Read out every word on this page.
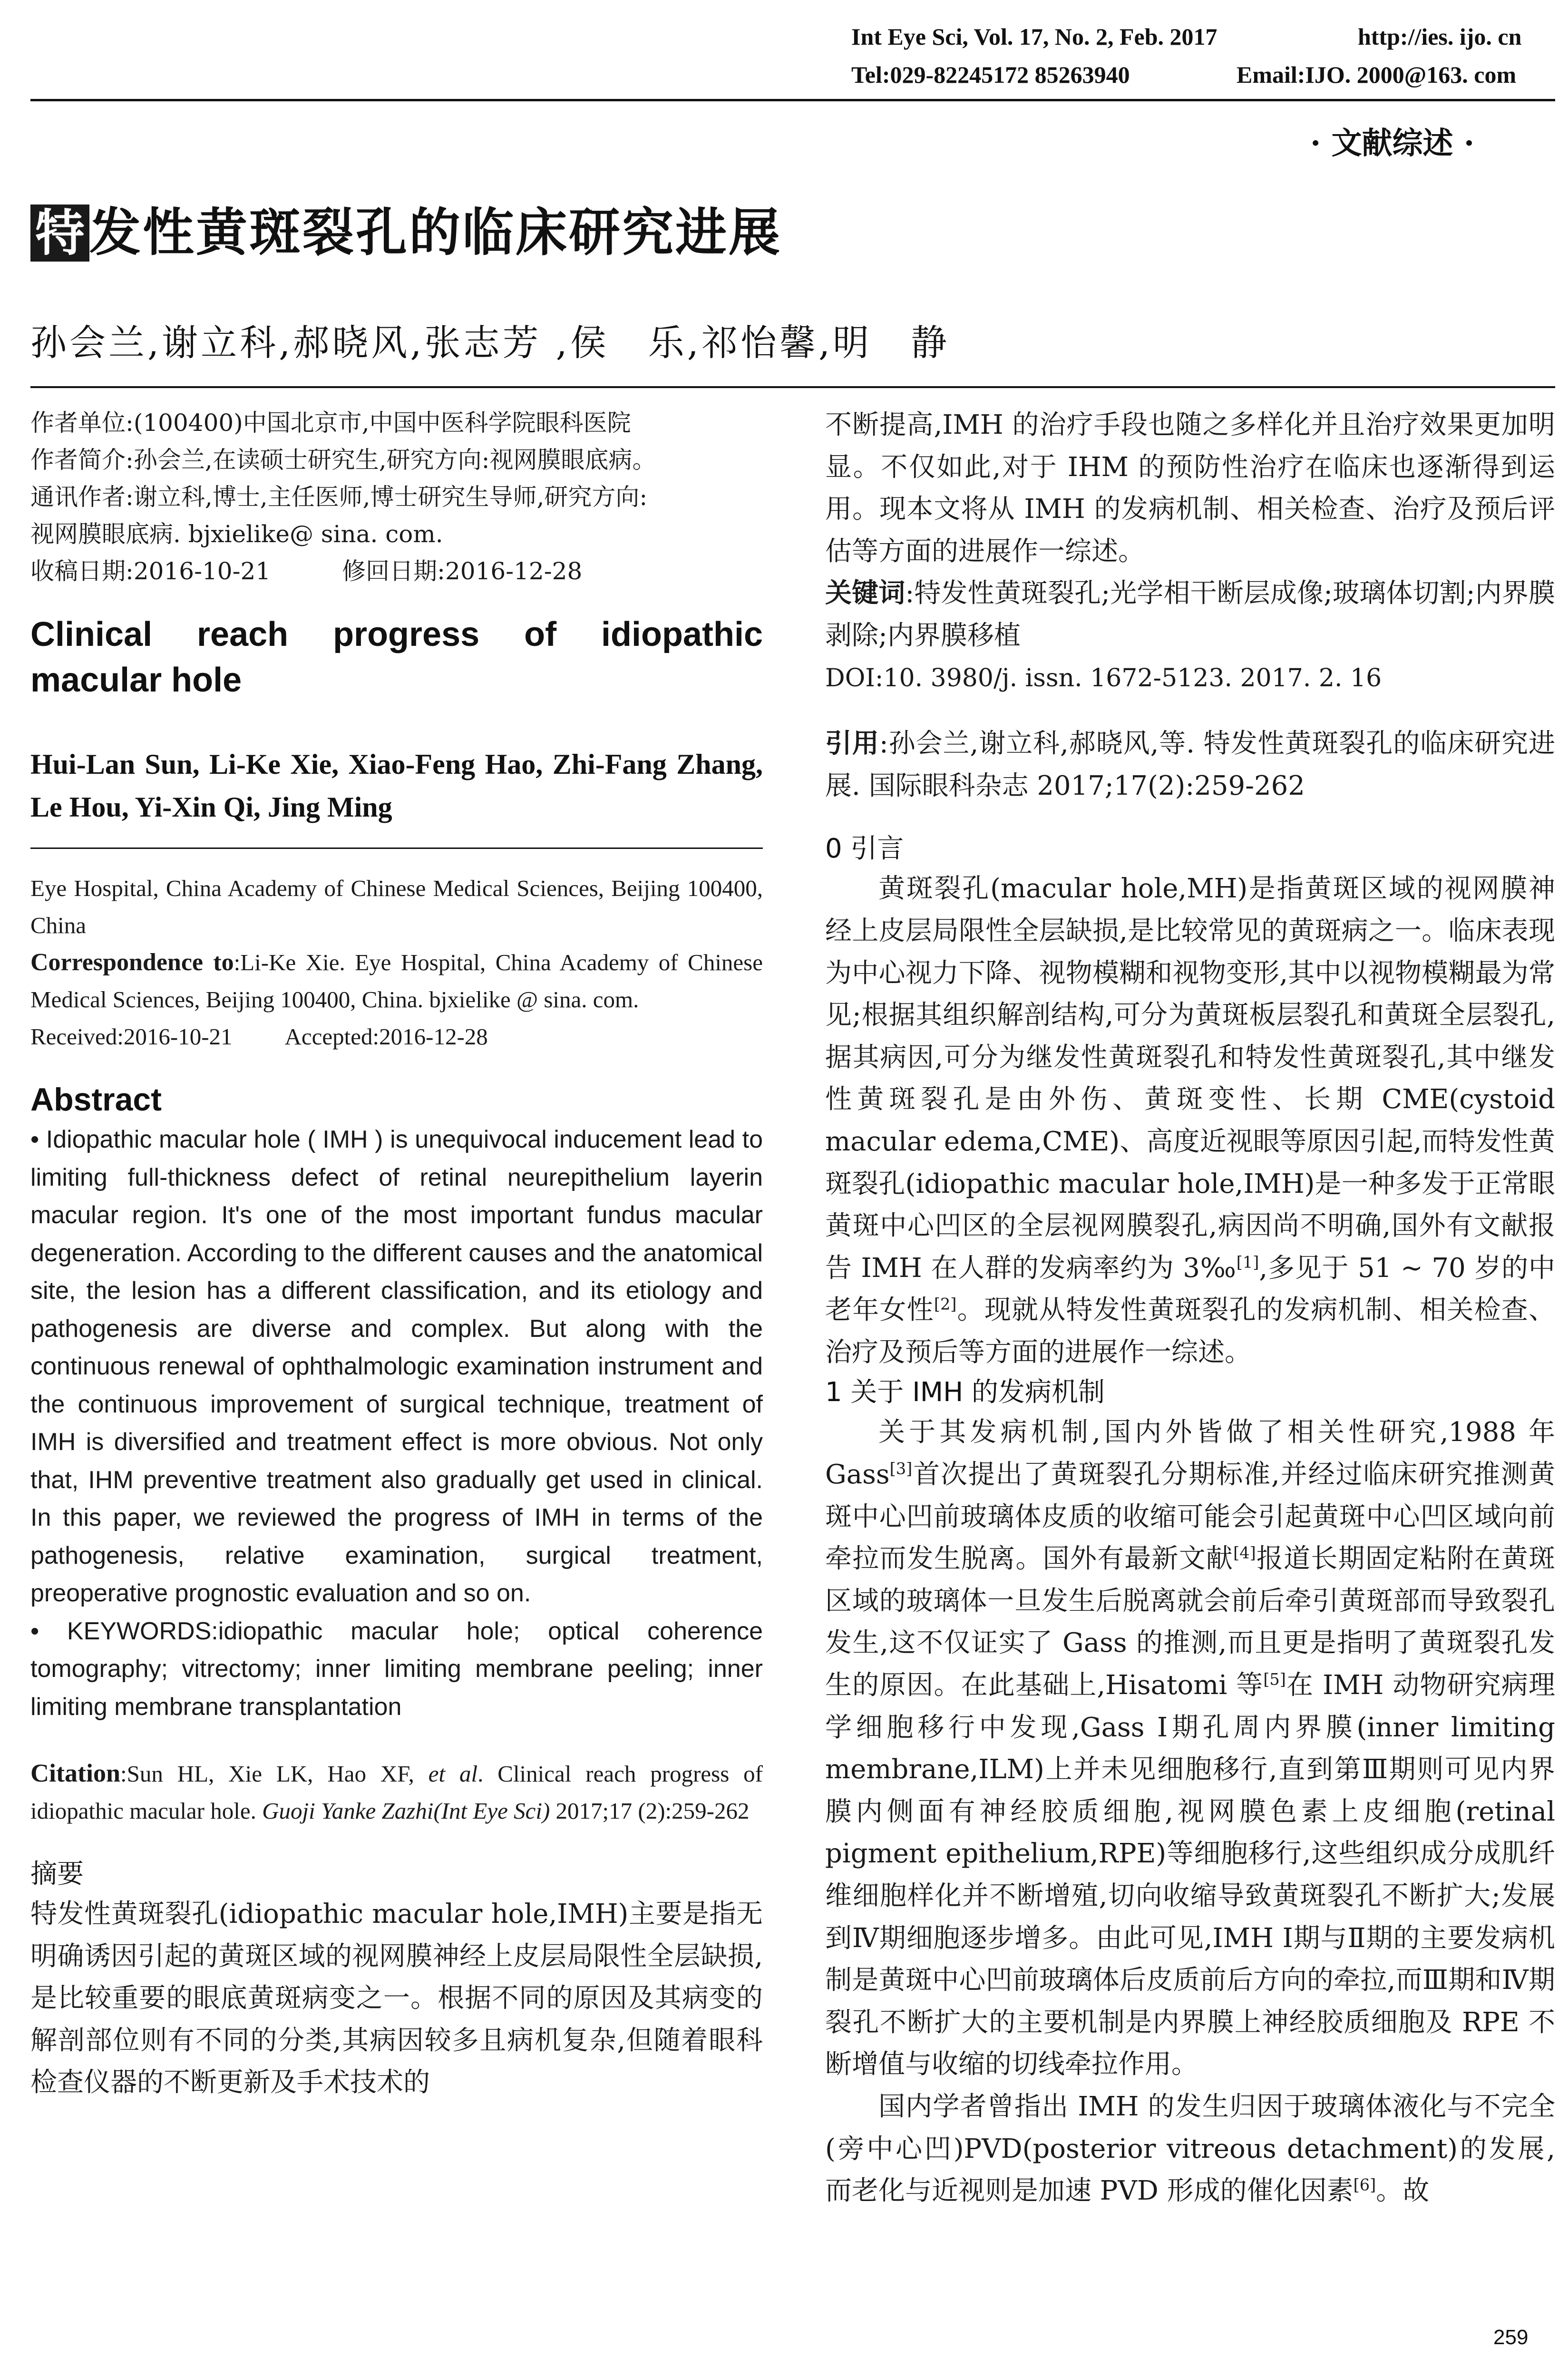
Int Eye Sci, Vol. 17, No. 2, Feb. 2017	http://ies. ijo. cn
Tel:029-82245172 85263940	Email:IJO. 2000@163. com
· 文献综述 ·
特发性黄斑裂孔的临床研究进展
孙会兰,谢立科,郝晓风,张志芳 ,侯　乐,祁怡馨,明　静
作者单位:(100400)中国北京市,中国中医科学院眼科医院
作者简介:孙会兰,在读硕士研究生,研究方向:视网膜眼底病。
通讯作者:谢立科,博士,主任医师,博士研究生导师,研究方向:
视网膜眼底病. bjxielike@ sina. com.
收稿日期:2016-10-21　　　修回日期:2016-12-28
Clinical reach progress of idiopathic macular hole
Hui-Lan Sun, Li-Ke Xie, Xiao-Feng Hao, Zhi-Fang Zhang, Le Hou, Yi-Xin Qi, Jing Ming
Eye Hospital, China Academy of Chinese Medical Sciences, Beijing 100400, China
Correspondence to:Li-Ke Xie. Eye Hospital, China Academy of Chinese Medical Sciences, Beijing 100400, China. bjxielike @ sina. com.
Received:2016-10-21 Accepted:2016-12-28
Abstract
• Idiopathic macular hole ( IMH ) is unequivocal inducement lead to limiting full-thickness defect of retinal neurepithelium layerin macular region. It's one of the most important fundus macular degeneration. According to the different causes and the anatomical site, the lesion has a different classification, and its etiology and pathogenesis are diverse and complex. But along with the continuous renewal of ophthalmologic examination instrument and the continuous improvement of surgical technique, treatment of IMH is diversified and treatment effect is more obvious. Not only that, IHM preventive treatment also gradually get used in clinical. In this paper, we reviewed the progress of IMH in terms of the pathogenesis, relative examination, surgical treatment, preoperative prognostic evaluation and so on.
• KEYWORDS:idiopathic macular hole; optical coherence tomography; vitrectomy; inner limiting membrane peeling; inner limiting membrane transplantation
Citation:Sun HL, Xie LK, Hao XF, et al. Clinical reach progress of idiopathic macular hole. Guoji Yanke Zazhi(Int Eye Sci) 2017;17 (2):259-262
摘要
特发性黄斑裂孔(idiopathic macular hole,IMH)主要是指无明确诱因引起的黄斑区域的视网膜神经上皮层局限性全层缺损,是比较重要的眼底黄斑病变之一。根据不同的原因及其病变的解剖部位则有不同的分类,其病因较多且病机复杂,但随着眼科检查仪器的不断更新及手术技术的
不断提高,IMH 的治疗手段也随之多样化并且治疗效果更加明显。不仅如此,对于 IHM 的预防性治疗在临床也逐渐得到运用。现本文将从 IMH 的发病机制、相关检查、治疗及预后评估等方面的进展作一综述。
关键词:特发性黄斑裂孔;光学相干断层成像;玻璃体切割;内界膜剥除;内界膜移植
DOI:10. 3980/j. issn. 1672-5123. 2017. 2. 16
引用:孙会兰,谢立科,郝晓风,等. 特发性黄斑裂孔的临床研究进展. 国际眼科杂志 2017;17(2):259-262
0 引言
黄斑裂孔(macular hole,MH)是指黄斑区域的视网膜神经上皮层局限性全层缺损,是比较常见的黄斑病之一。临床表现为中心视力下降、视物模糊和视物变形,其中以视物模糊最为常见;根据其组织解剖结构,可分为黄斑板层裂孔和黄斑全层裂孔,据其病因,可分为继发性黄斑裂孔和特发性黄斑裂孔,其中继发性黄斑裂孔是由外伤、黄斑变性、长期 CME(cystoid macular edema,CME)、高度近视眼等原因引起,而特发性黄斑裂孔(idiopathic macular hole,IMH)是一种多发于正常眼黄斑中心凹区的全层视网膜裂孔,病因尚不明确,国外有文献报告 IMH 在人群的发病率约为 3‰[1],多见于 51 ~ 70 岁的中老年女性[2]。现就从特发性黄斑裂孔的发病机制、相关检查、治疗及预后等方面的进展作一综述。
1 关于 IMH 的发病机制
关于其发病机制,国内外皆做了相关性研究,1988 年 Gass[3]首次提出了黄斑裂孔分期标准,并经过临床研究推测黄斑中心凹前玻璃体皮质的收缩可能会引起黄斑中心凹区域向前牵拉而发生脱离。国外有最新文献[4]报道长期固定粘附在黄斑区域的玻璃体一旦发生后脱离就会前后牵引黄斑部而导致裂孔发生,这不仅证实了 Gass 的推测,而且更是指明了黄斑裂孔发生的原因。在此基础上,Hisatomi 等[5]在 IMH 动物研究病理学细胞移行中发现,Gass Ⅰ期孔周内界膜(inner limiting membrane,ILM)上并未见细胞移行,直到第Ⅲ期则可见内界膜内侧面有神经胶质细胞,视网膜色素上皮细胞(retinal pigment epithelium,RPE)等细胞移行,这些组织成分成肌纤维细胞样化并不断增殖,切向收缩导致黄斑裂孔不断扩大;发展到Ⅳ期细胞逐步增多。由此可见,IMH Ⅰ期与Ⅱ期的主要发病机制是黄斑中心凹前玻璃体后皮质前后方向的牵拉,而Ⅲ期和Ⅳ期裂孔不断扩大的主要机制是内界膜上神经胶质细胞及 RPE 不断增值与收缩的切线牵拉作用。
国内学者曾指出 IMH 的发生归因于玻璃体液化与不完全(旁中心凹)PVD(posterior vitreous detachment)的发展,而老化与近视则是加速 PVD 形成的催化因素[6]。故
259
